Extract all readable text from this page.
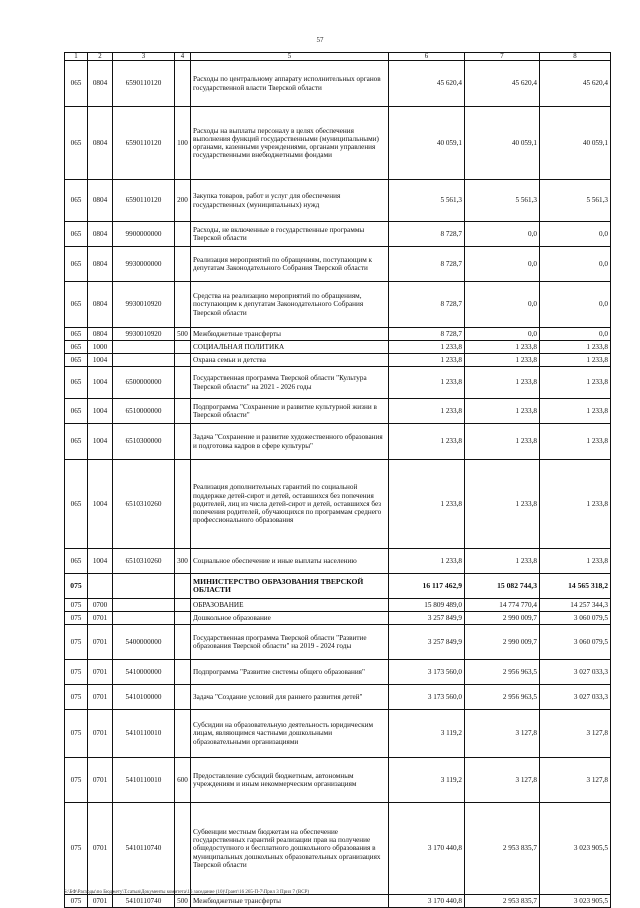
57
1	2	3	4	5	6	7	8
065	0804	6590110120		Расходы по центральному аппарату исполнительных органов государственной власти Тверской области	45 620,4	45 620,4	45 620,4
065	0804	6590110120	100	Расходы на выплаты персоналу в целях обеспечения выполнения функций государственными (муниципальными) органами, казенными учреждениями, органами управления государственными внебюджетными фондами	40 059,1	40 059,1	40 059,1
065	0804	6590110120	200	Закупка товаров, работ и услуг для обеспечения государственных (муниципальных) нужд	5 561,3	5 561,3	5 561,3
065	0804	9900000000		Расходы, не включенные в государственные программы Тверской области	8 728,7	0,0	0,0
065	0804	9930000000		Реализация мероприятий по обращениям, поступающим к депутатам Законодательного Собрания Тверской области	8 728,7	0,0	0,0
065	0804	9930010920		Средства на реализацию мероприятий по обращениям, поступающим к депутатам Законодательного Собрания Тверской области	8 728,7	0,0	0,0
065	0804	9930010920	500	Межбюджетные трансферты	8 728,7	0,0	0,0
065	1000			СОЦИАЛЬНАЯ ПОЛИТИКА	1 233,8	1 233,8	1 233,8
065	1004			Охрана семьи и детства	1 233,8	1 233,8	1 233,8
065	1004	6500000000		Государственная программа Тверской области "Культура Тверской области" на 2021 - 2026 годы	1 233,8	1 233,8	1 233,8
065	1004	6510000000		Подпрограмма "Сохранение и развитие культурной жизни в Тверской области"	1 233,8	1 233,8	1 233,8
065	1004	6510300000		Задача "Сохранение и развитие художественного образования и подготовка кадров в сфере культуры"	1 233,8	1 233,8	1 233,8
065	1004	6510310260		Реализация дополнительных гарантий по социальной поддержке детей-сирот и детей, оставшихся без попечения родителей, лиц из числа детей-сирот и детей, оставшихся без попечения родителей, обучающихся по программам среднего профессионального образования	1 233,8	1 233,8	1 233,8
065	1004	6510310260	300	Социальное обеспечение и иные выплаты населению	1 233,8	1 233,8	1 233,8
075				МИНИСТЕРСТВО ОБРАЗОВАНИЯ ТВЕРСКОЙ ОБЛАСТИ	16 117 462,9	15 082 744,3	14 565 318,2
075	0700			ОБРАЗОВАНИЕ	15 809 489,0	14 774 770,4	14 257 344,3
075	0701			Дошкольное образование	3 257 849,9	2 990 009,7	3 060 079,5
075	0701	5400000000		Государственная программа Тверской области "Развитие образования Тверской области" на 2019 - 2024 годы	3 257 849,9	2 990 009,7	3 060 079,5
075	0701	5410000000		Подпрограмма "Развитие системы общего образования"	3 173 560,0	2 956 963,5	3 027 033,3
075	0701	5410100000		Задача "Создание условий для раннего развития детей"	3 173 560,0	2 956 963,5	3 027 033,3
075	0701	5410110010		Субсидии на образовательную деятельность юридическим лицам, являющимся частными дошкольными образовательными организациями	3 119,2	3 127,8	3 127,8
075	0701	5410110010	600	Предоставление субсидий бюджетным, автономным учреждениям и иным некоммерческим организациям	3 119,2	3 127,8	3 127,8
075	0701	5410110740		Субвенции местным бюджетам на обеспечение государственных гарантий реализации прав на получение общедоступного и бесплатного дошкольного образования в муниципальных дошкольных образовательных организациях Тверской области	3 170 440,8	2 953 835,7	3 023 905,5
075	0701	5410110740	500	Межбюджетные трансферты	3 170 440,8	2 953 835,7	3 023 905,5
S:\БФ\Расходы\по Бюджету\Т.сатыя\Документы комитета\16 заседание (10)\Грант\16 265-П-7\Прил 3 Прил 7 (ВСР)
